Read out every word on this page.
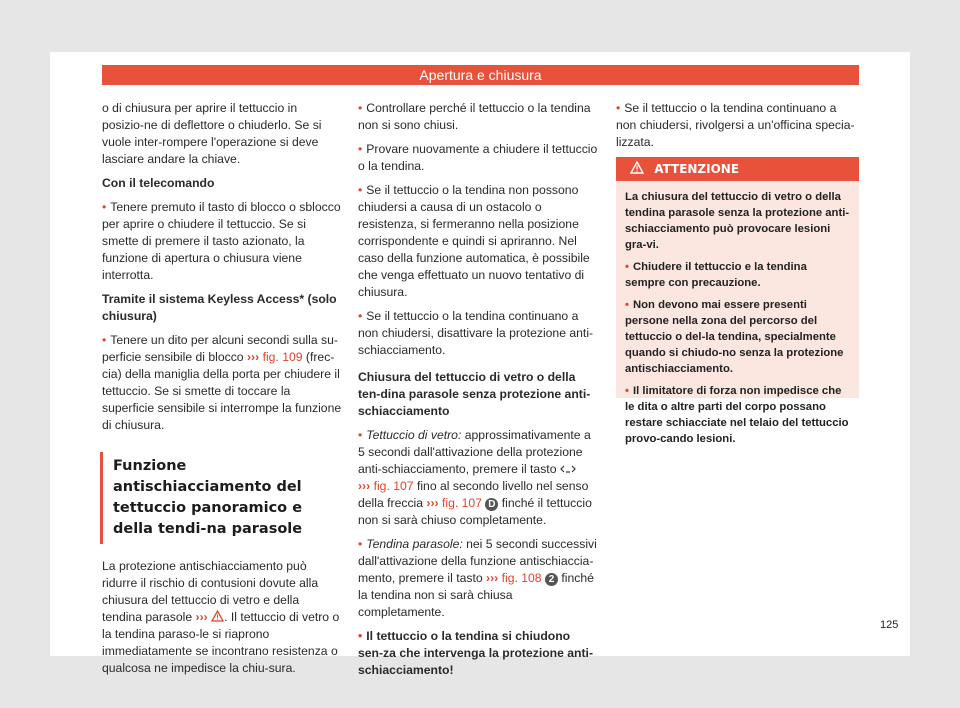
Apertura e chiusura

o di chiusura per aprire il tettuccio in posizio-ne di deflettore o chiuderlo. Se si vuole inter-rompere l'operazione si deve lasciare andare la chiave.

Con il telecomando

• Tenere premuto il tasto di blocco o sblocco per aprire o chiudere il tettuccio. Se si smette di premere il tasto azionato, la funzione di apertura o chiusura viene interrotta.

Tramite il sistema Keyless Access* (solo chiusura)

• Tenere un dito per alcuni secondi sulla su-perficie sensibile di blocco ››› fig. 109 (frec-cia) della maniglia della porta per chiudere il tettuccio. Se si smette di toccare la superficie sensibile si interrompe la funzione di chiusura.

Funzione antischiacciamento del tettuccio panoramico e della tendi-na parasole

La protezione antischiacciamento può ridurre il rischio di contusioni dovute alla chiusura del tettuccio di vetro e della tendina parasole ››› . Il tettuccio di vetro o la tendina paraso-le si riaprono immediatamente se incontrano resistenza o qualcosa ne impedisce la chiu-sura.

• Controllare perché il tettuccio o la tendina non si sono chiusi.

• Provare nuovamente a chiudere il tettuccio o la tendina.

• Se il tettuccio o la tendina non possono chiudersi a causa di un ostacolo o resistenza, si fermeranno nella posizione corrispondente e quindi si apriranno. Nel caso della funzione automatica, è possibile che venga effettuato un nuovo tentativo di chiusura.

• Se il tettuccio o la tendina continuano a non chiudersi, disattivare la protezione anti-schiacciamento.

Chiusura del tettuccio di vetro o della ten-dina parasole senza protezione anti-schiacciamento

• Tettuccio di vetro: approssimativamente a 5 secondi dall'attivazione della protezione anti-schiacciamento, premere il tasto
››› fig. 107 fino al secondo livello nel senso della freccia ››› fig. 107 D finché il tettuccio non si sarà chiuso completamente.

• Tendina parasole: nei 5 secondi successivi dall'attivazione della funzione antischiaccia-mento, premere il tasto ››› fig. 108 2 finché la tendina non si sarà chiusa completamente.

• Il tettuccio o la tendina si chiudono sen-za che intervenga la protezione anti-schiacciamento!

• Se il tettuccio o la tendina continuano a non chiudersi, rivolgersi a un'officina specia-lizzata.

ATTENZIONE

La chiusura del tettuccio di vetro o della tendina parasole senza la protezione anti-schiacciamento può provocare lesioni gra-vi.

• Chiudere il tettuccio e la tendina sempre con precauzione.

• Non devono mai essere presenti persone nella zona del percorso del tettuccio o del-la tendina, specialmente quando si chiudo-no senza la protezione antischiacciamento.

• Il limitatore di forza non impedisce che le dita o altre parti del corpo possano restare schiacciate nel telaio del tettuccio provo-cando lesioni.

125
